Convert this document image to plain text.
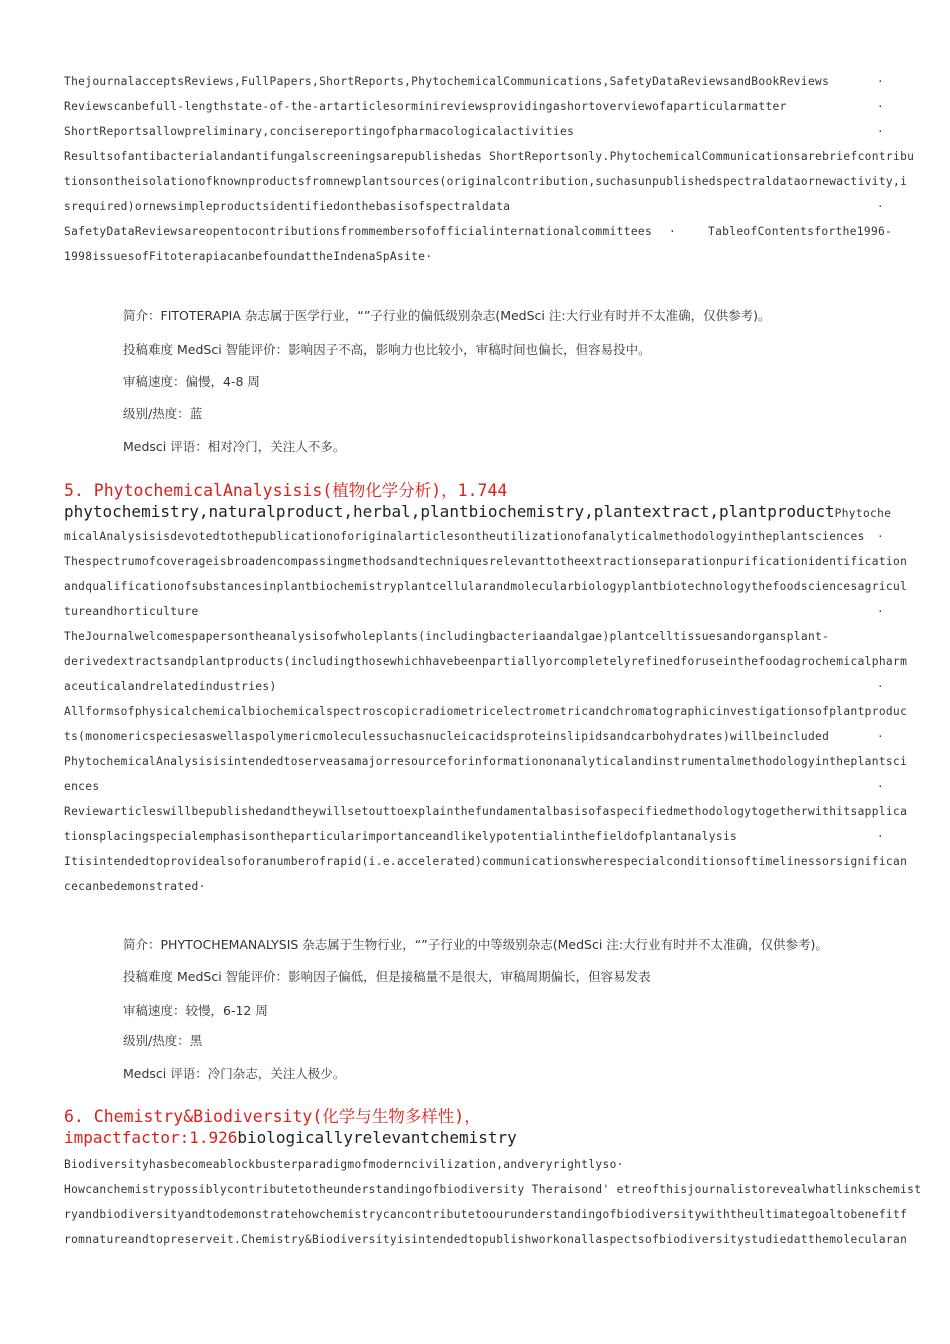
ThejournalacceptsReviews,FullPapers,ShortReports,PhytochemicalCommunications,SafetyDataReviewsandBookReviews	·
Reviewscanbefull-lengthstate-of-the-artarticlesorminireviewsprovidingashortoverviewofaparticularmatter	·
ShortReportsallowpreliminary,concisereportingofpharmacologicalactivities	·
Resultsofantibacterialandantifungalscreeningsarepublishedas ShortReportsonly.PhytochemicalCommunicationsarebriefcontribu
tionsontheisolationofknownproductsfromnewplantsources(originalcontribution,suchasunpublishedspectraldataornewactivity,i
srequired)ornewsimpleproductsidentifiedonthebasisofspectraldata	·
SafetyDataReviewsareopentocontributionsfrommembersofofficialinternationalcommittees ·	TableofContentsforthe1996-
1998issuesofFitoterapiacanbefoundattheIndenaSpAsite·
简介：FITOTERAPIA 杂志属于医学行业，“”子行业的偏低级别杂志(MedSci 注:大行业有时并不太准确，仅供参考)。
投稿难度 MedSci 智能评价：影响因子不高，影响力也比较小，审稿时间也偏长，但容易投中。
审稿速度：偏慢，4-8 周
级别/热度：蓝
Medsci 评语：相对冷门，关注人不多。
5. PhytochemicalAnalysisis(植物化学分析)，1.744
phytochemistry,naturalproduct,herbal,plantbiochemistry,plantextract,plantproductPhytoche
micalAnalysisisdevotedtothepublicationoforiginalarticlesontheutilizationofanalyticalmethodologyintheplantsciences ·
Thespectrumofcoverageisbroadencompassingmethodsandtechniquesrelevanttotheextractionseparationpurificationidentification
andqualificationofsubstancesinplantbiochemistryplantcellularandmolecularbiologyplantbiotechnologythefoodsciencesagricul
tureandhorticulture	·
TheJournalwelcomespapersontheanalysisofwholeplants(includingbacteriaandalgae)plantcelltissuesandorgansplant-
derivedextractsandplantproducts(includingthosewhichhavebeenpartiallyorcompletelyrefinedforuseinthefoodagrochemicalpharm
aceuticalandrelatedindustries)	·
Allformsofphysicalchemicalbiochemicalspectroscopicradiometricelectrometricandchromatographicinvestigationsofplantproduc
ts(monomericspeciesaswellaspolymericmoleculessuchasnucleicacidsproteinslipidsandcarbohydrates)willbeincluded	·
PhytochemicalAnalysisisintendedtoserveasamajorresourceforinformationonanalyticalandinstrumentalmethodologyintheplantsci
ences	·
Reviewarticleswillbepublishedandtheywillsetouttoexplainthefundamentalbasisofaspecifiedmethodologytogetherwithitsapplica
tionsplacingspecialemphasisontheparticularimportanceandlikelypotentialinthefieldofplantanalysis	·
Itisintendedtoprovidealsoforanumberofrapid(i.e.accelerated)communicationswherespecialconditionsoftimelinessorsignifican
cecanbedemonstrated·
简介：PHYTOCHEMANALYSIS 杂志属于生物行业，“”子行业的中等级别杂志(MedSci 注:大行业有时并不太准确，仅供参考)。
投稿难度 MedSci 智能评价：影响因子偏低，但是接稿量不是很大，审稿周期偏长，但容易发表
审稿速度：较慢，6-12 周
级别/热度：黑
Medsci 评语：冷门杂志，关注人极少。
6. Chemistry&Biodiversity(化学与生物多样性)，
impactfactor:1.926biologicallyrelevantchemistry
Biodiversityhasbecomeablockbusterparadigmofmoderncivilization,andveryrightlyso·
Howcanchemistrypossiblycontributetotheunderstandingofbiodiversity Theraisond' etreofthisjournalistorevealwhatlinkschemist
ryandbiodiversityandtodemonstratehowchemistrycancontributetoourunderstandingofbiodiversitywiththeultimategoaltobenefitf
romnatureandtopreserveit.Chemistry&Biodiversityisintendedtopublishworkonallaspectsofbiodiversitystudiedatthemolecularan
